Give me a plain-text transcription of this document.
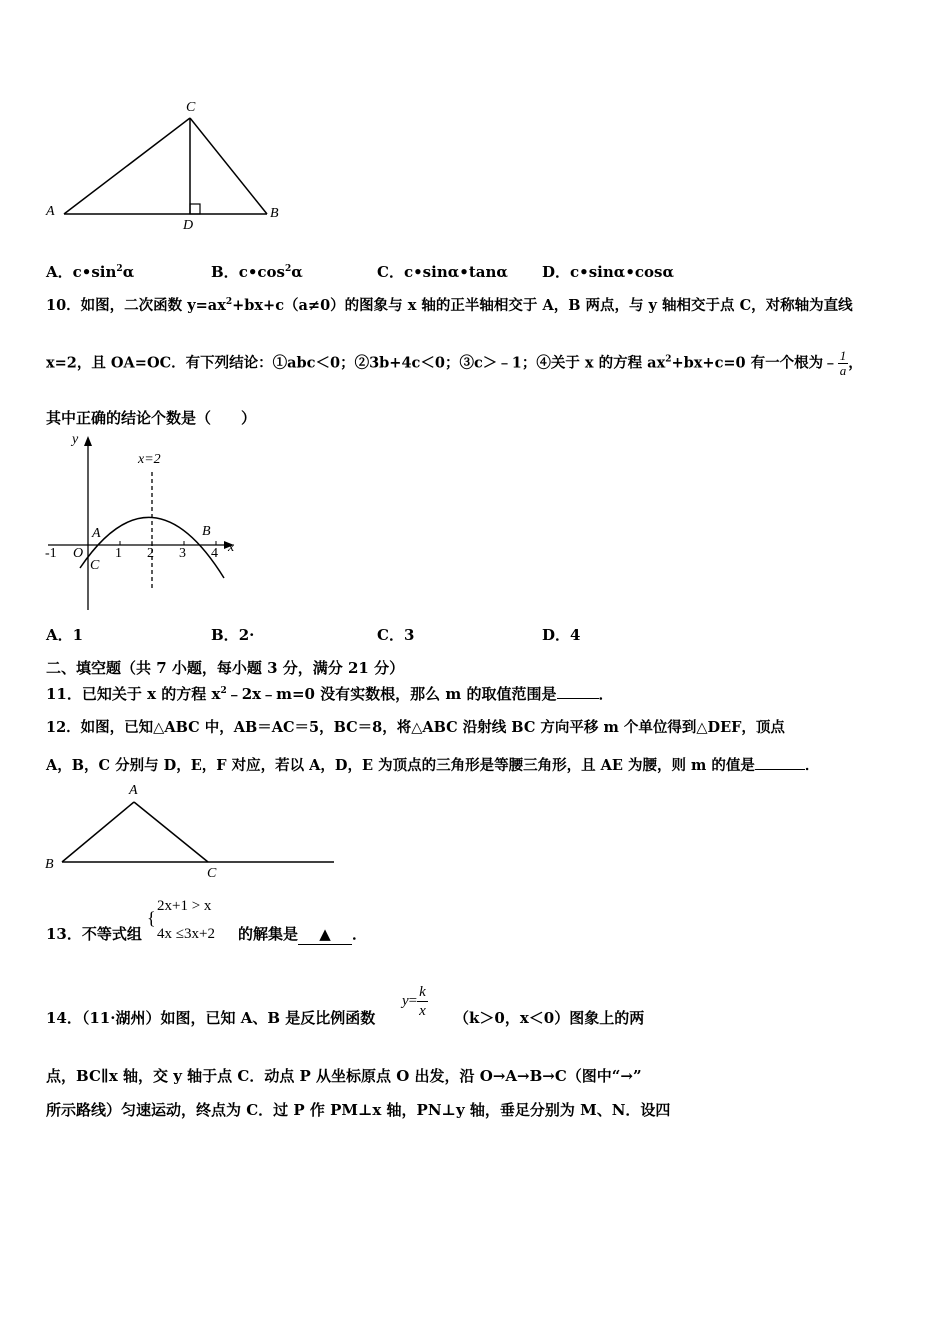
C
A	B
D
A．$c•\sin^2\alpha$	B．$c•\cos^2\alpha$	C．c•sinα•tanα D．c•sinα•cosα
10．如图，二次函数 $y=ax^2+bx+c(a\ne 0)$的图象与 x 轴的正半轴相交于 A，B 两点，与 y 轴相交于点 C，对称轴为直线
x=2，且 OA=OC．有下列结论：①abc＜0；②3b+4c＜0；③c＞﹣1；④关于 x 的方程 $ax^2+bx+c=0$ 有一个根为﹣ $\frac{1}{a}$ ，
其中正确的结论个数是（　　）
y
x=2
A	B
C
O	x
-1	1 2 3 4
A．1	B．2·	C．3	D．4
二、填空题（共 7 小题，每小题 3 分，满分 21 分）
11．已知关于 x 的方程 $x^2﹣2x﹣m=0$ 没有实数根，那么 m 的取值范围是	．
12．如图，已知△ABC 中，AB＝AC＝5，BC＝8，将△ABC 沿射线 BC 方向平移 m 个单位得到△DEF，顶点
A，B，C 分别与 D，E，F 对应，若以 A，D，E 为顶点的三角形是等腰三角形，且 AE 为腰，则 m 的值是	．
A
B
C
13．不等式组
{
2x+1 > x
4x ≤3x+2 的解集是 ▲ ．
14．（11·湖州）如图，已知 A、B 是反比例函数
$y= \frac{k}{x} (k>0$，x＜0）图象上的两
点，BC∥x 轴，交 y 轴于点 C．动点 P 从坐标原点 O 出发，沿 O→A→B→C（图中“→”
所示路线）匀速运动，终点为 C．过 P 作 PM⊥x 轴，PN⊥y 轴，垂足分别为 M、N．设四
